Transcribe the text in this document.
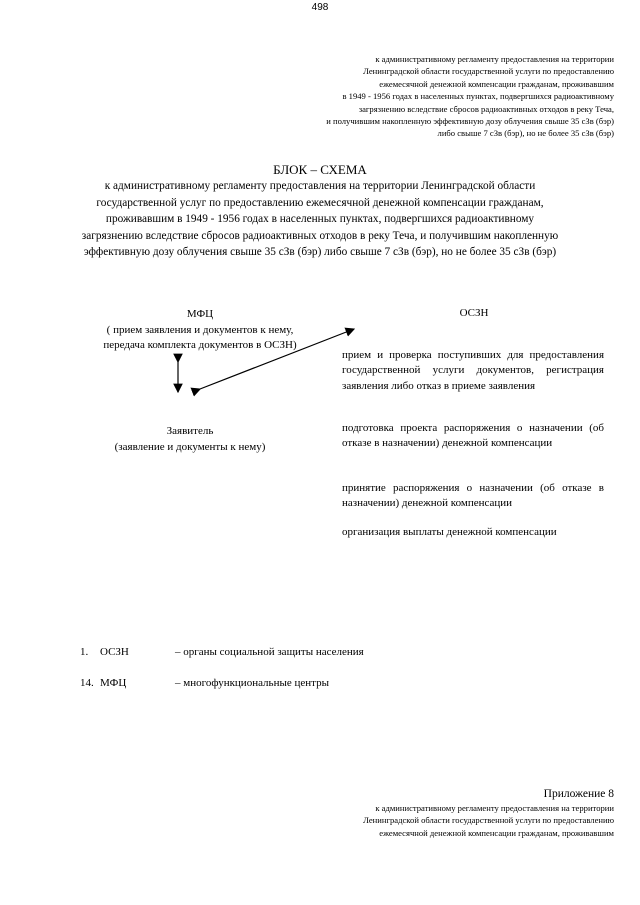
498
к административному регламенту предоставления на территории
Ленинградской области государственной услуги по предоставлению
ежемесячной денежной компенсации гражданам, проживавшим
в 1949 - 1956 годах в населенных пунктах, подвергшихся радиоактивному
загрязнению вследствие сбросов радиоактивных отходов в реку Теча,
и получившим накопленную эффективную дозу облучения свыше 35 сЗв (бэр)
либо свыше 7 сЗв (бэр), но не более 35 сЗв (бэр)
БЛОК – СХЕМА
к административному регламенту предоставления на территории Ленинградской области
государственной услуг по предоставлению ежемесячной денежной компенсации гражданам,
проживавшим в 1949 - 1956 годах в населенных пунктах, подвергшихся радиоактивному
загрязнению вследствие сбросов радиоактивных отходов в реку Теча, и получившим накопленную
эффективную дозу облучения свыше 35 сЗв (бэр) либо свыше 7 сЗв (бэр), но не более 35 сЗв (бэр)
МФЦ
( прием заявления и документов к нему,
передача комплекта документов в ОСЗН)
ОСЗН
Заявитель
(заявление и документы к нему)
прием и проверка поступивших для предоставления государственной услуги документов, регистрация заявления либо отказ в приеме заявления
подготовка проекта распоряжения о назначении (об отказе в назначении) денежной компенсации
принятие распоряжения о назначении (об отказе в назначении) денежной компенсации
организация выплаты денежной компенсации
1. ОСЗН	– органы социальной защиты населения
14. МФЦ	– многофункциональные центры
Приложение 8
к административному регламенту предоставления на территории
Ленинградской области государственной услуги по предоставлению
ежемесячной денежной компенсации гражданам, проживавшим
